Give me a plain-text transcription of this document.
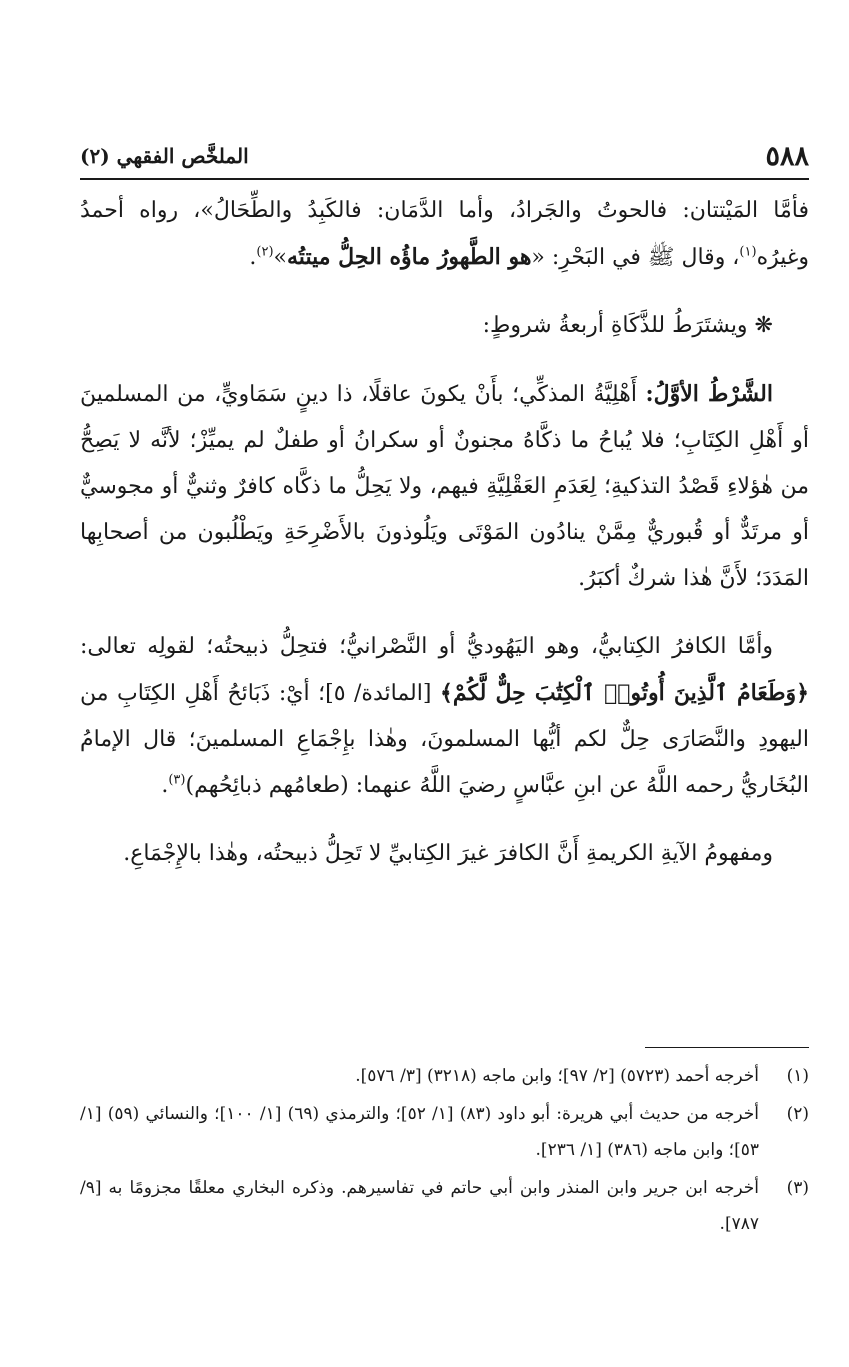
٥٨٨
الملخَّص الفقهي (٢)

فأمَّا المَيْتتان: فالحوتُ والجَرادُ، وأما الدَّمَان: فالكَبِدُ والطِّحَالُ»، رواه أحمدُ وغيرُه$^{(١)}$، وقال ﷺ في البَحْرِ: «هو الطَّهورُ ماؤُه الحِلُّ ميتتُه»$^{(٢)}$.

❋ ويشتَرَطُ للذَّكَاةِ أربعةُ شروطٍ:

الشَّرْطُ الأوَّلُ: أَهْلِيَّةُ المذكِّي؛ بأَنْ يكونَ عاقلًا، ذا دينٍ سَمَاويٍّ، من المسلمينَ أو أَهْلِ الكِتَابِ؛ فلا يُباحُ ما ذكَّاهُ مجنونٌ أو سكرانُ أو طفلٌ لم يميِّزْ؛ لأنَّه لا يَصِحُّ من هٰؤلاءِ قَصْدُ التذكيةِ؛ لِعَدَمِ العَقْلِيَّةِ فيهم، ولا يَحِلُّ ما ذكَّاه كافرٌ وثنيٌّ أو مجوسيٌّ أو مرتَدٌّ أو قُبوريٌّ مِمَّنْ ينادُون المَوْتَى ويَلُوذونَ بالأَضْرِحَةِ ويَطْلُبون من أصحابِها المَدَدَ؛ لأَنَّ هٰذا شركٌ أكبَرُ.

وأمَّا الكافرُ الكِتابيُّ، وهو اليَهُوديُّ أو النَّصْرانيُّ؛ فتحِلُّ ذبيحتُه؛ لقولِه تعالى: ﴿وَطَعَامُ ٱلَّذِينَ أُوتُوا۟ ٱلْكِتَٰبَ حِلٌّ لَّكُمْ﴾ [المائدة/ ٥]؛ أيْ: ذَبَائحُ أَهْلِ الكِتَابِ من اليهودِ والنَّصَارَى حِلٌّ لكم أيُّها المسلمونَ، وهٰذا بإِجْمَاعِ المسلمينَ؛ قال الإمامُ البُخَاريُّ رحمه اللَّهُ عن ابنِ عبَّاسٍ رضيَ اللَّهُ عنهما: (طعامُهم ذبائِحُهم)$^{(٣)}$.

ومفهومُ الآيةِ الكريمةِ أَنَّ الكافرَ غيرَ الكِتابيِّ لا تَحِلُّ ذبيحتُه، وهٰذا بالإِجْمَاعِ.

(١)
أخرجه أحمد (٥٧٢٣) [٢/ ٩٧]؛ وابن ماجه (٣٢١٨) [٣/ ٥٧٦].
(٢)
أخرجه من حديث أبي هريرة: أبو داود (٨٣) [١/ ٥٢]؛ والترمذي (٦٩) [١/ ١٠٠]؛ والنسائي (٥٩) [١/ ٥٣]؛ وابن ماجه (٣٨٦) [١/ ٢٣٦].
(٣)
أخرجه ابن جرير وابن المنذر وابن أبي حاتم في تفاسيرهم. وذكره البخاري معلقًا مجزومًا به [٩/ ٧٨٧].
